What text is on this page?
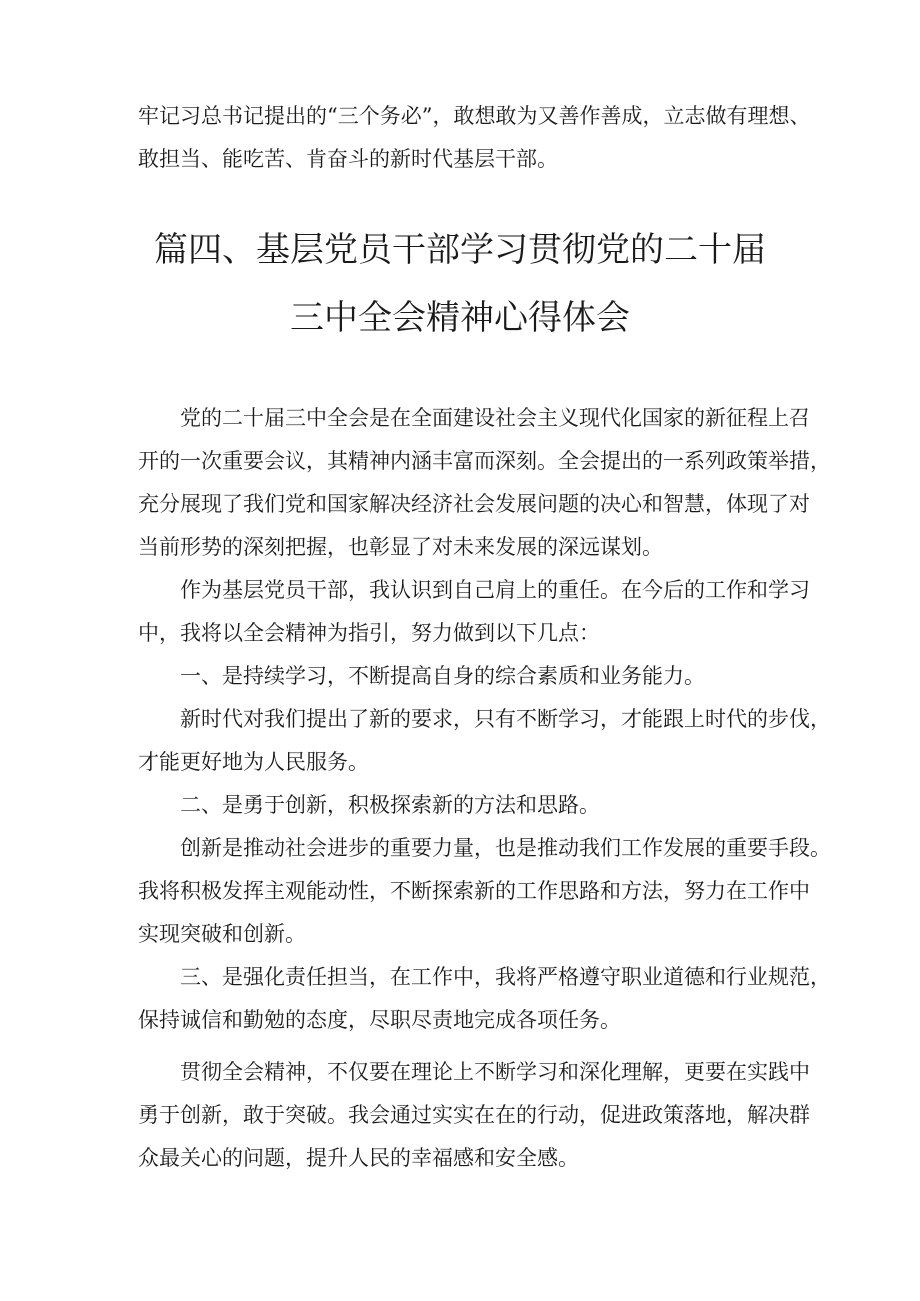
牢记习总书记提出的“三个务必”，敢想敢为又善作善成，立志做有理想、
敢担当、能吃苦、肯奋斗的新时代基层干部。
篇四、基层党员干部学习贯彻党的二十届
三中全会精神心得体会
党的二十届三中全会是在全面建设社会主义现代化国家的新征程上召
开的一次重要会议，其精神内涵丰富而深刻。全会提出的一系列政策举措，
充分展现了我们党和国家解决经济社会发展问题的决心和智慧，体现了对
当前形势的深刻把握，也彰显了对未来发展的深远谋划。
作为基层党员干部，我认识到自己肩上的重任。在今后的工作和学习
中，我将以全会精神为指引，努力做到以下几点：
一、是持续学习，不断提高自身的综合素质和业务能力。
新时代对我们提出了新的要求，只有不断学习，才能跟上时代的步伐，
才能更好地为人民服务。
二、是勇于创新，积极探索新的方法和思路。
创新是推动社会进步的重要力量，也是推动我们工作发展的重要手段。
我将积极发挥主观能动性，不断探索新的工作思路和方法，努力在工作中
实现突破和创新。
三、是强化责任担当，在工作中，我将严格遵守职业道德和行业规范，
保持诚信和勤勉的态度，尽职尽责地完成各项任务。
贯彻全会精神，不仅要在理论上不断学习和深化理解，更要在实践中
勇于创新，敢于突破。我会通过实实在在的行动，促进政策落地，解决群
众最关心的问题，提升人民的幸福感和安全感。
